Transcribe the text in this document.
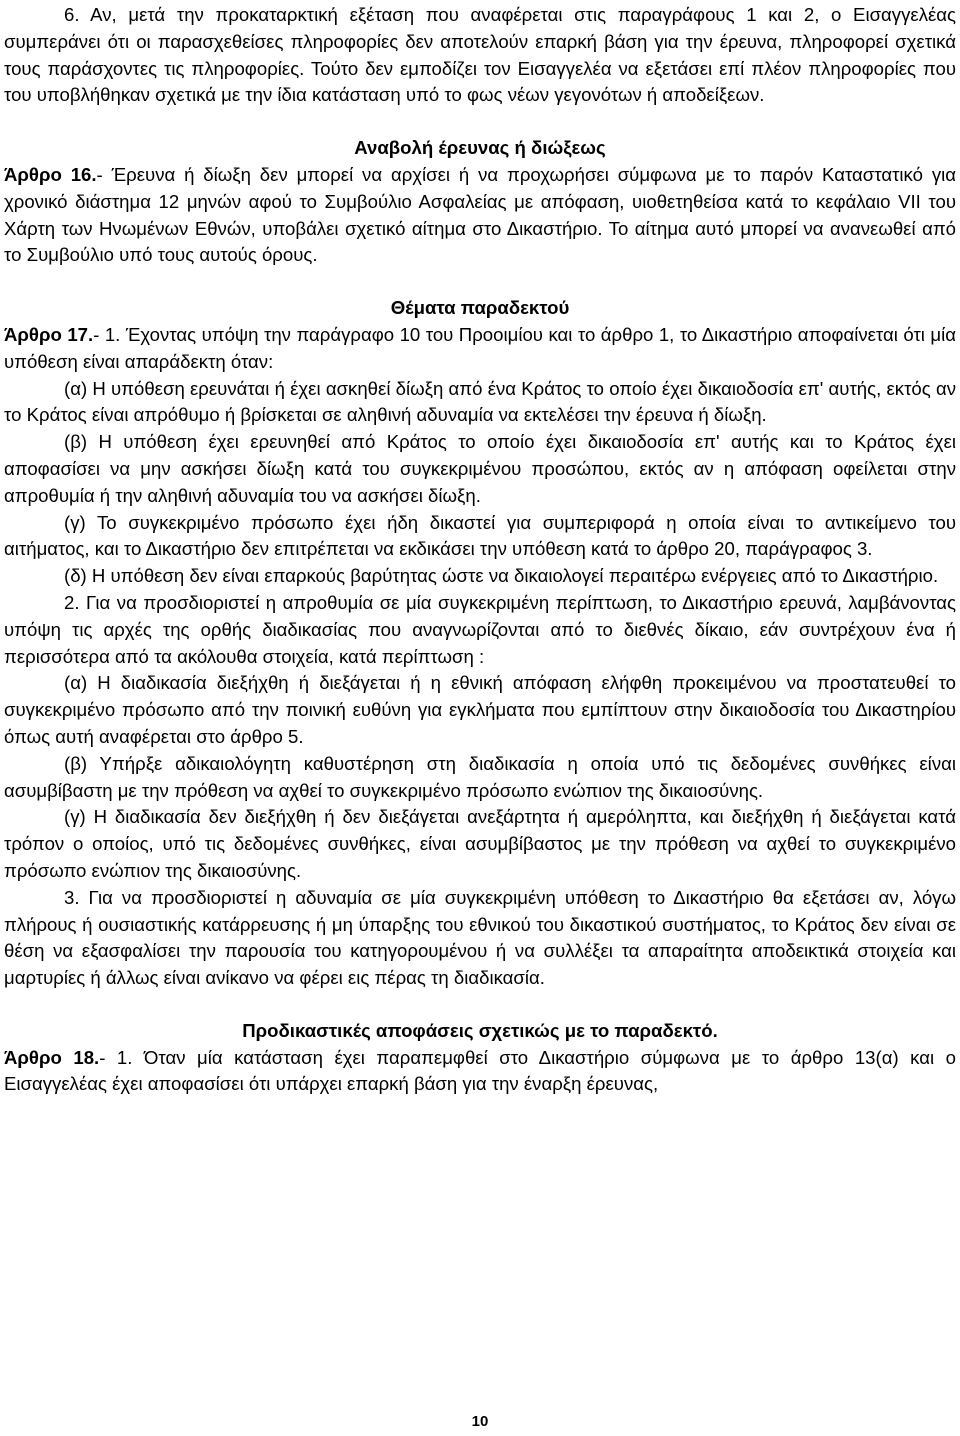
6. Αν, μετά την προκαταρκτική εξέταση που αναφέρεται στις παραγράφους 1 και 2, ο Εισαγγελέας συμπεράνει ότι οι παρασχεθείσες πληροφορίες δεν αποτελούν επαρκή βάση για την έρευνα, πληροφορεί σχετικά τους παράσχοντες τις πληροφορίες. Τούτο δεν εμποδίζει τον Εισαγγελέα να εξετάσει επί πλέον πληροφορίες που του υποβλήθηκαν σχετικά με την ίδια κατάσταση υπό το φως νέων γεγονότων ή αποδείξεων.

Αναβολή έρευνας ή διώξεως

Άρθρο 16.- Έρευνα ή δίωξη δεν μπορεί να αρχίσει ή να προχωρήσει σύμφωνα με το παρόν Καταστατικό για χρονικό διάστημα 12 μηνών αφού το Συμβούλιο Ασφαλείας με απόφαση, υιοθετηθείσα κατά το κεφάλαιο VII του Χάρτη των Ηνωμένων Εθνών, υποβάλει σχετικό αίτημα στο Δικαστήριο. Το αίτημα αυτό μπορεί να ανανεωθεί από το Συμβούλιο υπό τους αυτούς όρους.

Θέματα παραδεκτού

Άρθρο 17.- 1. Έχοντας υπόψη την παράγραφο 10 του Προοιμίου και το άρθρο 1, το Δικαστήριο αποφαίνεται ότι μία υπόθεση είναι απαράδεκτη όταν:

(α) Η υπόθεση ερευνάται ή έχει ασκηθεί δίωξη από ένα Κράτος το οποίο έχει δικαιοδοσία επ' αυτής, εκτός αν το Κράτος είναι απρόθυμο ή βρίσκεται σε αληθινή αδυναμία να εκτελέσει την έρευνα ή δίωξη.

(β) Η υπόθεση έχει ερευνηθεί από Κράτος το οποίο έχει δικαιοδοσία επ' αυτής και το Κράτος έχει αποφασίσει να μην ασκήσει δίωξη κατά του συγκεκριμένου προσώπου, εκτός αν η απόφαση οφείλεται στην απροθυμία ή την αληθινή αδυναμία του να ασκήσει δίωξη.

(γ) Το συγκεκριμένο πρόσωπο έχει ήδη δικαστεί για συμπεριφορά η οποία είναι το αντικείμενο του αιτήματος, και το Δικαστήριο δεν επιτρέπεται να εκδικάσει την υπόθεση κατά το άρθρο 20, παράγραφος 3.

(δ) Η υπόθεση δεν είναι επαρκούς βαρύτητας ώστε να δικαιολογεί περαιτέρω ενέργειες από το Δικαστήριο.

2. Για να προσδιοριστεί η απροθυμία σε μία συγκεκριμένη περίπτωση, το Δικαστήριο ερευνά, λαμβάνοντας υπόψη τις αρχές της ορθής διαδικασίας που αναγνωρίζονται από το διεθνές δίκαιο, εάν συντρέχουν ένα ή περισσότερα από τα ακόλουθα στοιχεία, κατά περίπτωση :

(α) Η διαδικασία διεξήχθη ή διεξάγεται ή η εθνική απόφαση ελήφθη προκειμένου να προστατευθεί το συγκεκριμένο πρόσωπο από την ποινική ευθύνη για εγκλήματα που εμπίπτουν στην δικαιοδοσία του Δικαστηρίου όπως αυτή αναφέρεται στο άρθρο 5.

(β) Υπήρξε αδικαιολόγητη καθυστέρηση στη διαδικασία η οποία υπό τις δεδομένες συνθήκες είναι ασυμβίβαστη με την πρόθεση να αχθεί το συγκεκριμένο πρόσωπο ενώπιον της δικαιοσύνης.

(γ) Η διαδικασία δεν διεξήχθη ή δεν διεξάγεται ανεξάρτητα ή αμερόληπτα, και διεξήχθη ή διεξάγεται κατά τρόπον ο οποίος, υπό τις δεδομένες συνθήκες, είναι ασυμβίβαστος με την πρόθεση να αχθεί το συγκεκριμένο πρόσωπο ενώπιον της δικαιοσύνης.

3. Για να προσδιοριστεί η αδυναμία σε μία συγκεκριμένη υπόθεση το Δικαστήριο θα εξετάσει αν, λόγω πλήρους ή ουσιαστικής κατάρρευσης ή μη ύπαρξης του εθνικού του δικαστικού συστήματος, το Κράτος δεν είναι σε θέση να εξασφαλίσει την παρουσία του κατηγορουμένου ή να συλλέξει τα απαραίτητα αποδεικτικά στοιχεία και μαρτυρίες ή άλλως είναι ανίκανο να φέρει εις πέρας τη διαδικασία.

Προδικαστικές αποφάσεις σχετικώς με το παραδεκτό.

Άρθρο 18.- 1. Όταν μία κατάσταση έχει παραπεμφθεί στο Δικαστήριο σύμφωνα με το άρθρο 13(α) και ο Εισαγγελέας έχει αποφασίσει ότι υπάρχει επαρκή βάση για την έναρξη έρευνας,

10
